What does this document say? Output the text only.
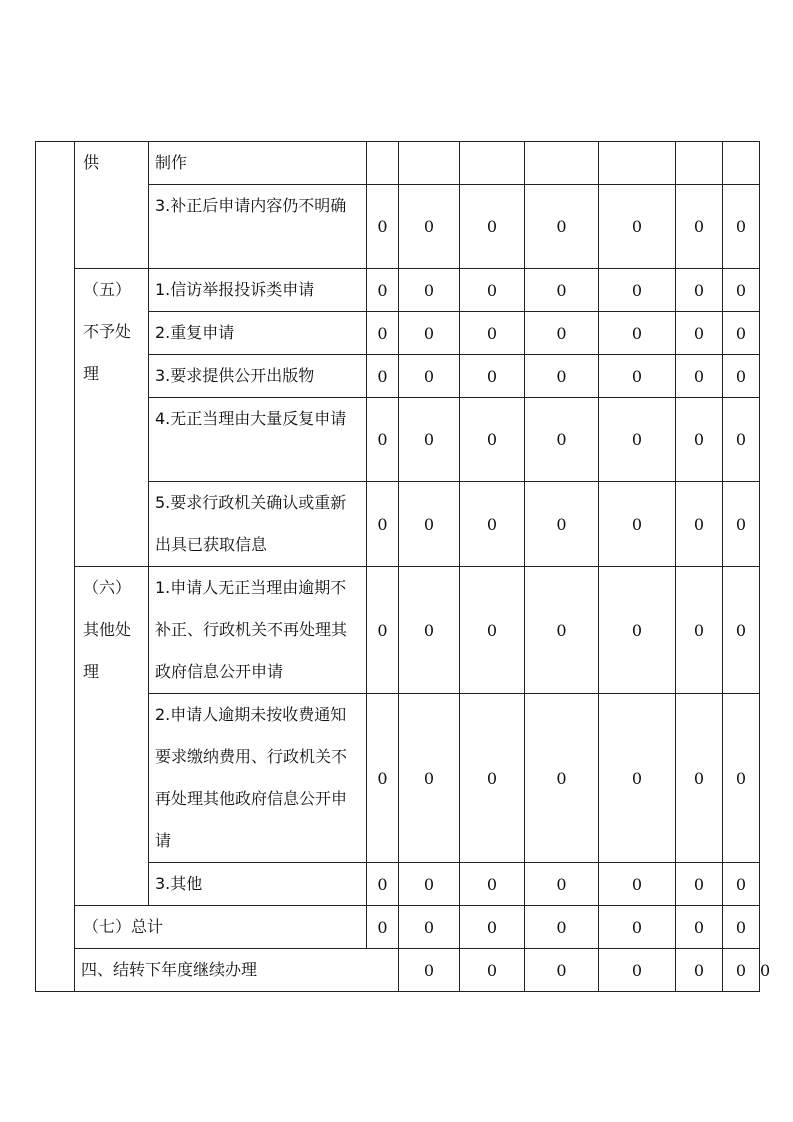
	供	制作								
		3.补正后申请内容仍不明确	0	0	0	0	0	0	0	
	（五）不予处理	1.信访举报投诉类申请	0	0	0	0	0	0	0	
		2.重复申请	0	0	0	0	0	0	0	
		3.要求提供公开出版物	0	0	0	0	0	0	0	
		4.无正当理由大量反复申请	0	0	0	0	0	0	0	
		5.要求行政机关确认或重新出具已获取信息	0	0	0	0	0	0	0	
	（六）其他处理	1.申请人无正当理由逾期不补正、行政机关不再处理其政府信息公开申请	0	0	0	0	0	0	0	
		2.申请人逾期未按收费通知要求缴纳费用、行政机关不再处理其他政府信息公开申请	0	0	0	0	0	0	0	
		3.其他	0	0	0	0	0	0	0	
	（七）总计		0	0	0	0	0	0	0	
	四、结转下年度继续办理			0	0	0	0	0	0	0
